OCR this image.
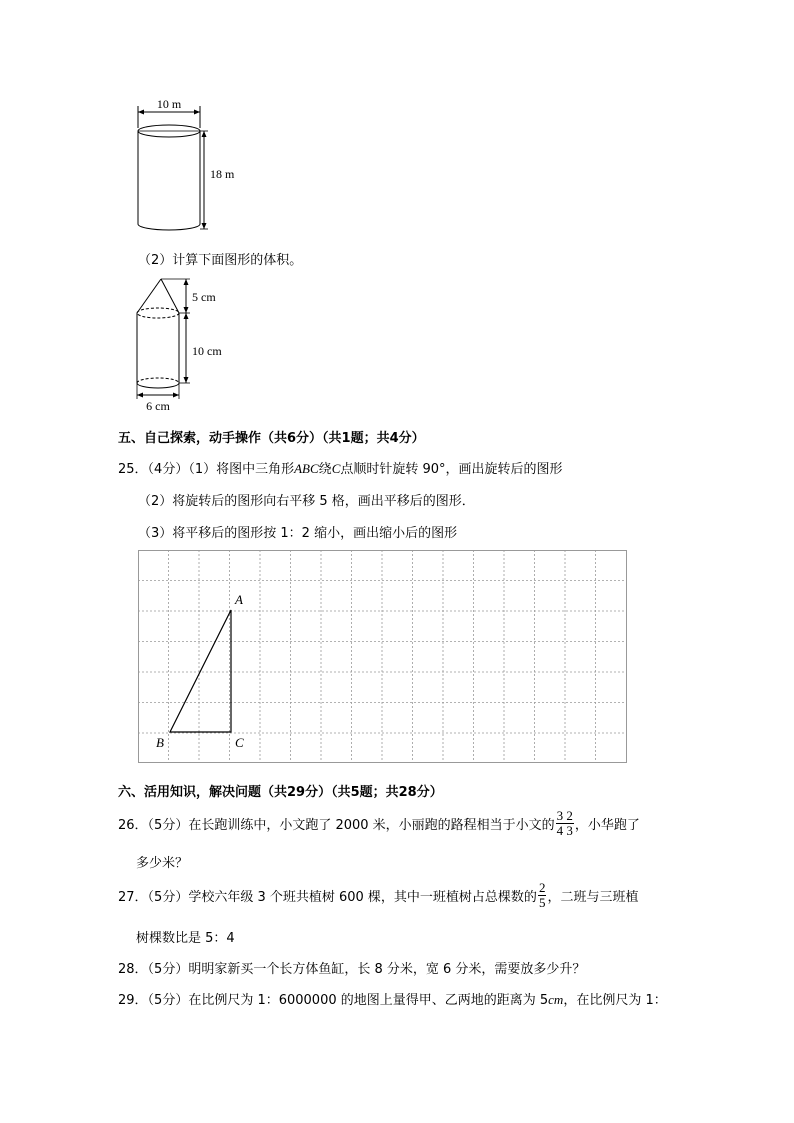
10 m
18 m
（2）计算下面图形的体积。
5 cm
10 cm
6 cm
五、自己探索，动手操作（共6分）（共1题；共4分）
25．（4分）（1）将图中三角形ABC绕C点顺时针旋转 90°，画出旋转后的图形
（2）将旋转后的图形向右平移 5 格，画出平移后的图形．
（3）将平移后的图形按 1：2 缩小，画出缩小后的图形
A
B	C
六、活用知识，解决问题（共29分）（共5题；共28分）
26．（5分）在长跑训练中，小文跑了 2000 米，小丽跑的路程相当于小文的 $\frac{3 2}{4 3}$ ，小华跑了
多少米？
27．（5分）学校六年级 3 个班共植树 600 棵，其中一班植树占总棵数的 $\frac{2}{5}$ ，二班与三班植
树棵数比是 5：4
28．（5分）明明家新买一个长方体鱼缸，长 8 分米，宽 6 分米，需要放多少升？
29．（5分）在比例尺为 1：6000000 的地图上量得甲、乙两地的距离为 5cm，在比例尺为 1：
